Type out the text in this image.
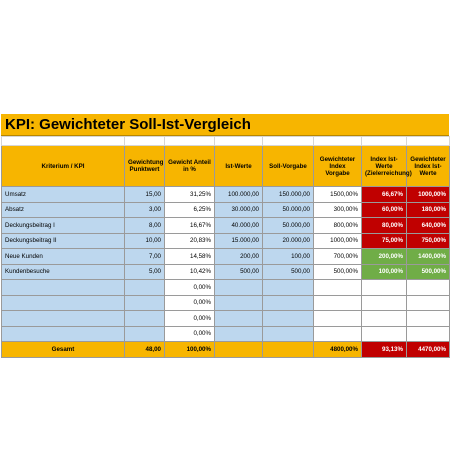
KPI: Gewichteter Soll-Ist-Vergleich

Kriterium / KPI	Gewichtung Punktwert	Gewicht Anteil in %	Ist-Werte	Soll-Vorgabe	Gewichteter Index Vorgabe	Index Ist-Werte (Zielerreichung)	Gewichteter Index Ist-Werte
Umsatz	15,00	31,25%	100.000,00	150.000,00	1500,00%	66,67%	1000,00%
Absatz	3,00	6,25%	30.000,00	50.000,00	300,00%	60,00%	180,00%
Deckungsbeitrag I	8,00	16,67%	40.000,00	50.000,00	800,00%	80,00%	640,00%
Deckungsbeitrag II	10,00	20,83%	15.000,00	20.000,00	1000,00%	75,00%	750,00%
Neue Kunden	7,00	14,58%	200,00	100,00	700,00%	200,00%	1400,00%
Kundenbesuche	5,00	10,42%	500,00	500,00	500,00%	100,00%	500,00%
		0,00%					
		0,00%					
		0,00%					
		0,00%					
Gesamt	48,00	100,00%			4800,00%	93,13%	4470,00%
